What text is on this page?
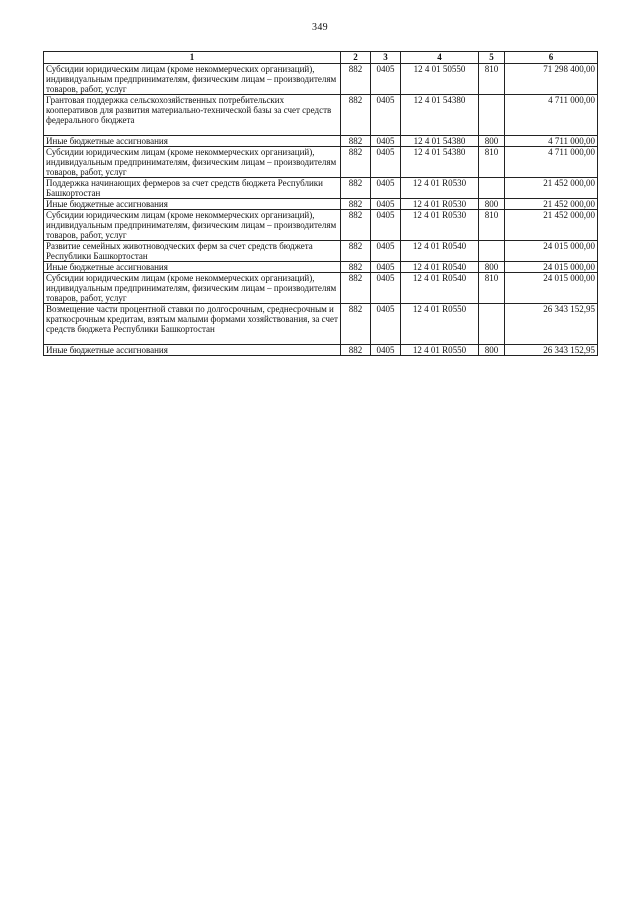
349
1	2	3	4	5	6
Субсидии юридическим лицам (кроме некоммерческих организаций), индивидуальным предпринимателям, физическим лицам – производителям товаров, работ, услуг	882	0405	12 4 01 50550	810	71 298 400,00
Грантовая поддержка сельскохозяйственных потребительских кооперативов для развития материально-технической базы за счет средств федерального бюджета	882	0405	12 4 01 54380		4 711 000,00
Иные бюджетные ассигнования	882	0405	12 4 01 54380	800	4 711 000,00
Субсидии юридическим лицам (кроме некоммерческих организаций), индивидуальным предпринимателям, физическим лицам – производителям товаров, работ, услуг	882	0405	12 4 01 54380	810	4 711 000,00
Поддержка начинающих фермеров за счет средств бюджета Республики Башкортостан	882	0405	12 4 01 R0530		21 452 000,00
Иные бюджетные ассигнования	882	0405	12 4 01 R0530	800	21 452 000,00
Субсидии юридическим лицам (кроме некоммерческих организаций), индивидуальным предпринимателям, физическим лицам – производителям товаров, работ, услуг	882	0405	12 4 01 R0530	810	21 452 000,00
Развитие семейных животноводческих ферм за счет средств бюджета Республики Башкортостан	882	0405	12 4 01 R0540		24 015 000,00
Иные бюджетные ассигнования	882	0405	12 4 01 R0540	800	24 015 000,00
Субсидии юридическим лицам (кроме некоммерческих организаций), индивидуальным предпринимателям, физическим лицам – производителям товаров, работ, услуг	882	0405	12 4 01 R0540	810	24 015 000,00
Возмещение части процентной ставки по долгосрочным, среднесрочным и краткосрочным кредитам, взятым малыми формами хозяйствования, за счет средств бюджета Республики Башкортостан	882	0405	12 4 01 R0550		26 343 152,95
Иные бюджетные ассигнования	882	0405	12 4 01 R0550	800	26 343 152,95
